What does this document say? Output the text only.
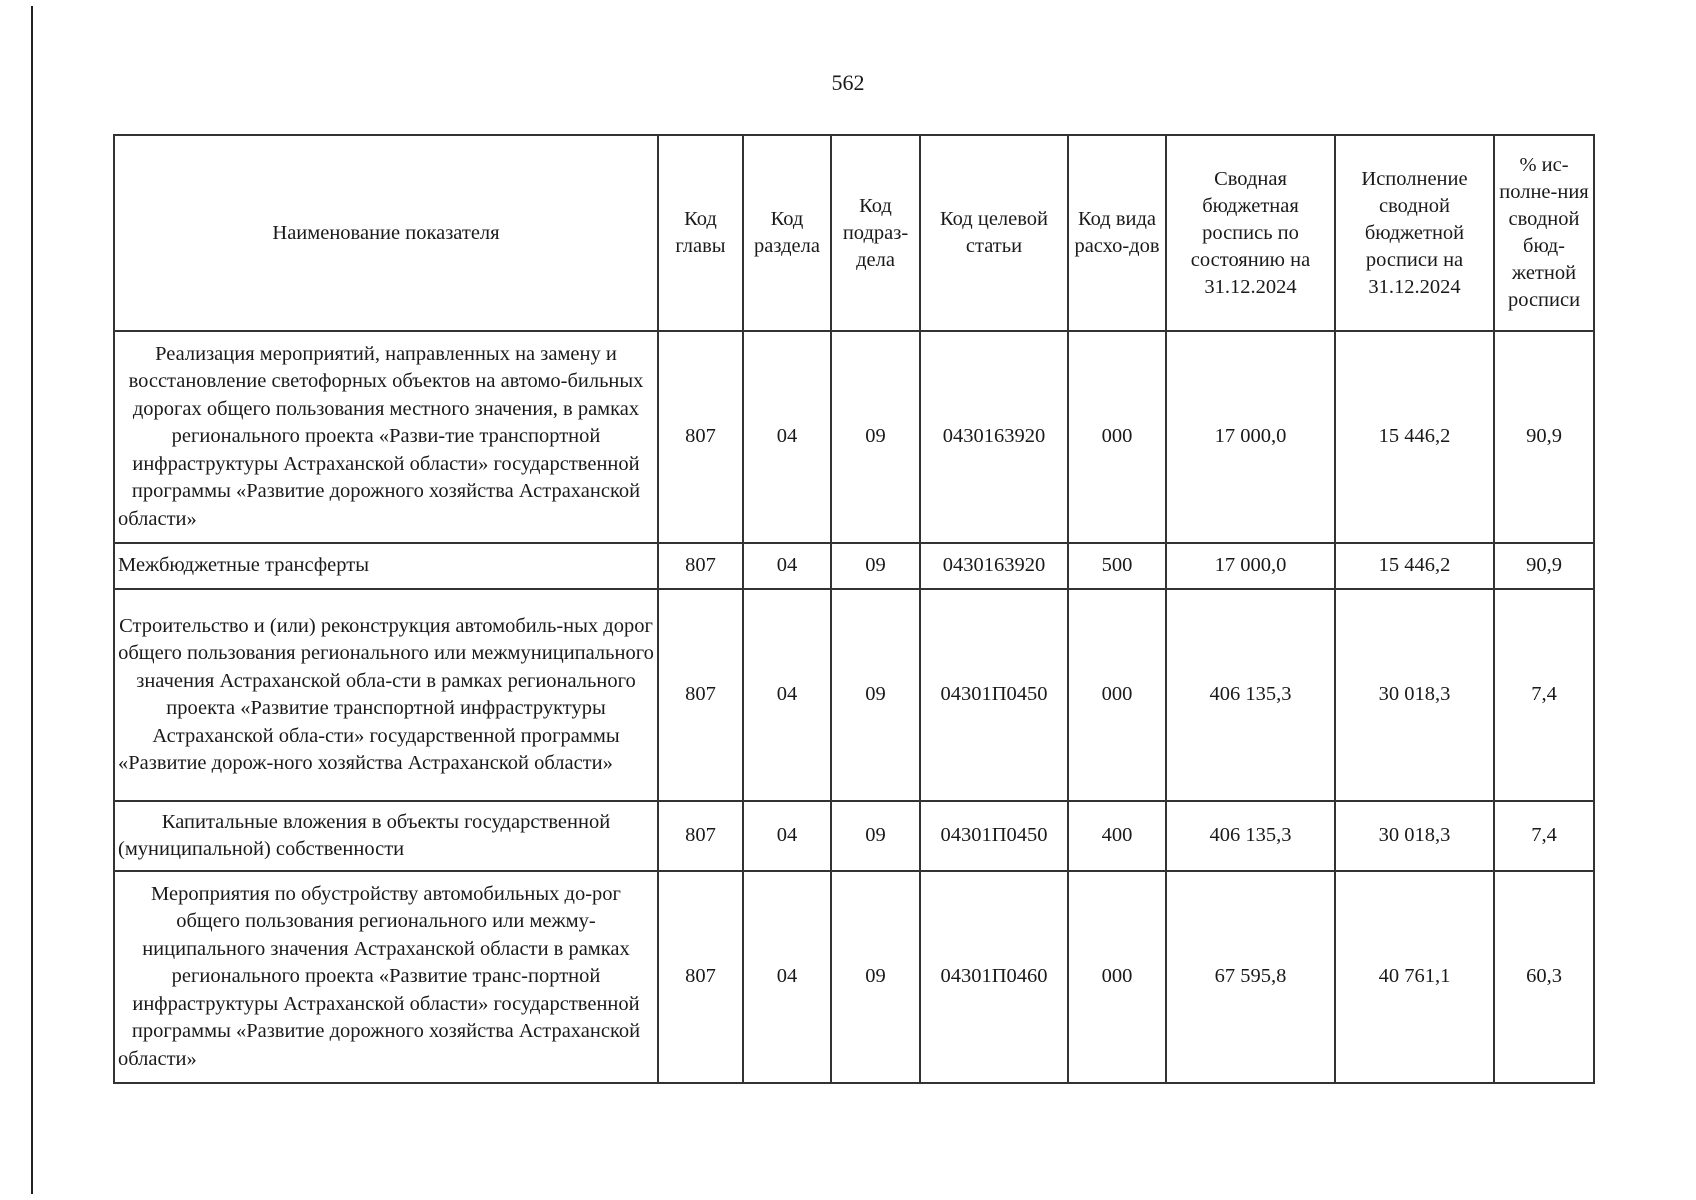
562
Наименование показателя	Код главы	Код раздела	Код подраз-дела	Код целевой статьи	Код вида расхо-дов	Сводная бюджетная роспись по состоянию на 31.12.2024	Исполнение сводной бюджетной росписи на 31.12.2024	% ис-полне-ния сводной бюд-жетной росписи
Реализация мероприятий, направленных на замену и восстановление светофорных объектов на автомо-бильных дорогах общего пользования местного значения, в рамках регионального проекта «Разви-тие транспортной инфраструктуры Астраханской области» государственной программы «Развитие дорожного хозяйства Астраханской области»	807	04	09	0430163920	000	17 000,0	15 446,2	90,9
Межбюджетные трансферты	807	04	09	0430163920	500	17 000,0	15 446,2	90,9
Строительство и (или) реконструкция автомобиль-ных дорог общего пользования регионального или межмуниципального значения Астраханской обла-сти в рамках регионального проекта «Развитие транспортной инфраструктуры Астраханской обла-сти» государственной программы «Развитие дорож-ного хозяйства Астраханской области»	807	04	09	04301П0450	000	406 135,3	30 018,3	7,4
Капитальные вложения в объекты государственной (муниципальной) собственности	807	04	09	04301П0450	400	406 135,3	30 018,3	7,4
Мероприятия по обустройству автомобильных до-рог общего пользования регионального или межму-ниципального значения Астраханской области в рамках регионального проекта «Развитие транс-портной инфраструктуры Астраханской области» государственной программы «Развитие дорожного хозяйства Астраханской области»	807	04	09	04301П0460	000	67 595,8	40 761,1	60,3
